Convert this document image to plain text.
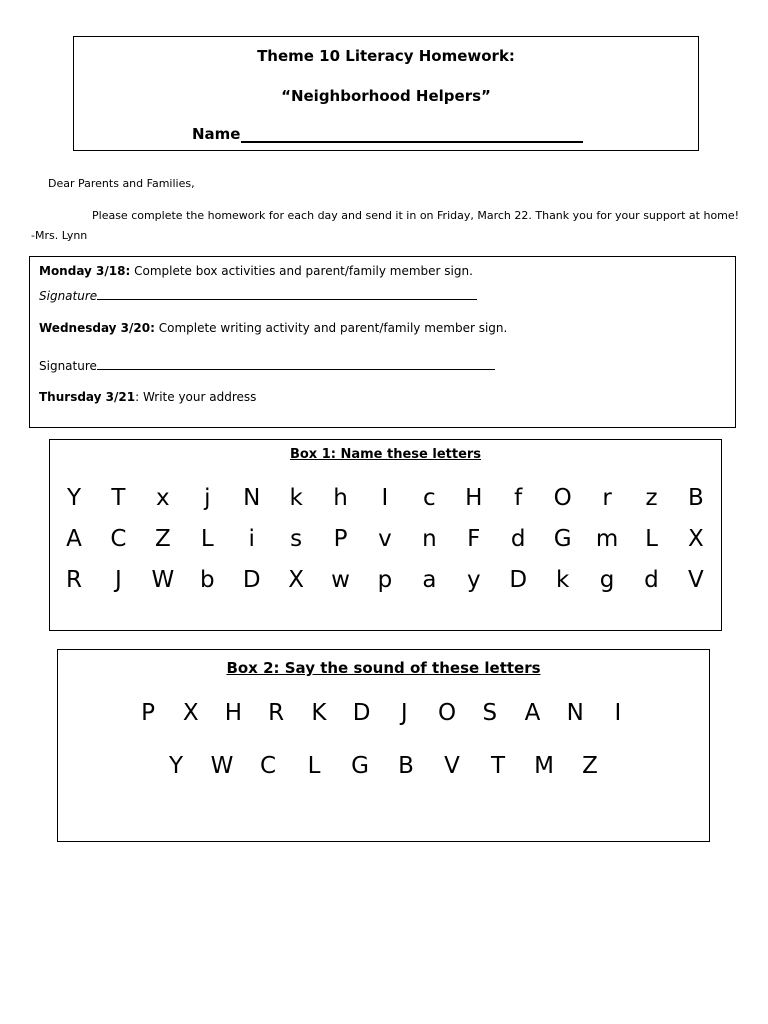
Theme 10 Literacy Homework:
“Neighborhood Helpers”
Name
Dear Parents and Families,
Please complete the homework for each day and send it in on Friday, March 22. Thank you for your support at home! -Mrs. Lynn
Monday 3/18: Complete box activities and parent/family member sign.
Signature
Wednesday 3/20: Complete writing activity and parent/family member sign.
Signature
Thursday 3/21: Write your address
Box 1: Name these letters
Y T x	j	N k h	I	c H	f	O	r	z B
A C Z L	i	s P v n F d G m L X
R	J	W b D X w p a y D k g d V
Box 2: Say the sound of these letters
P X H R K D	J	O S A N	I
Y W C L G B V T M Z
